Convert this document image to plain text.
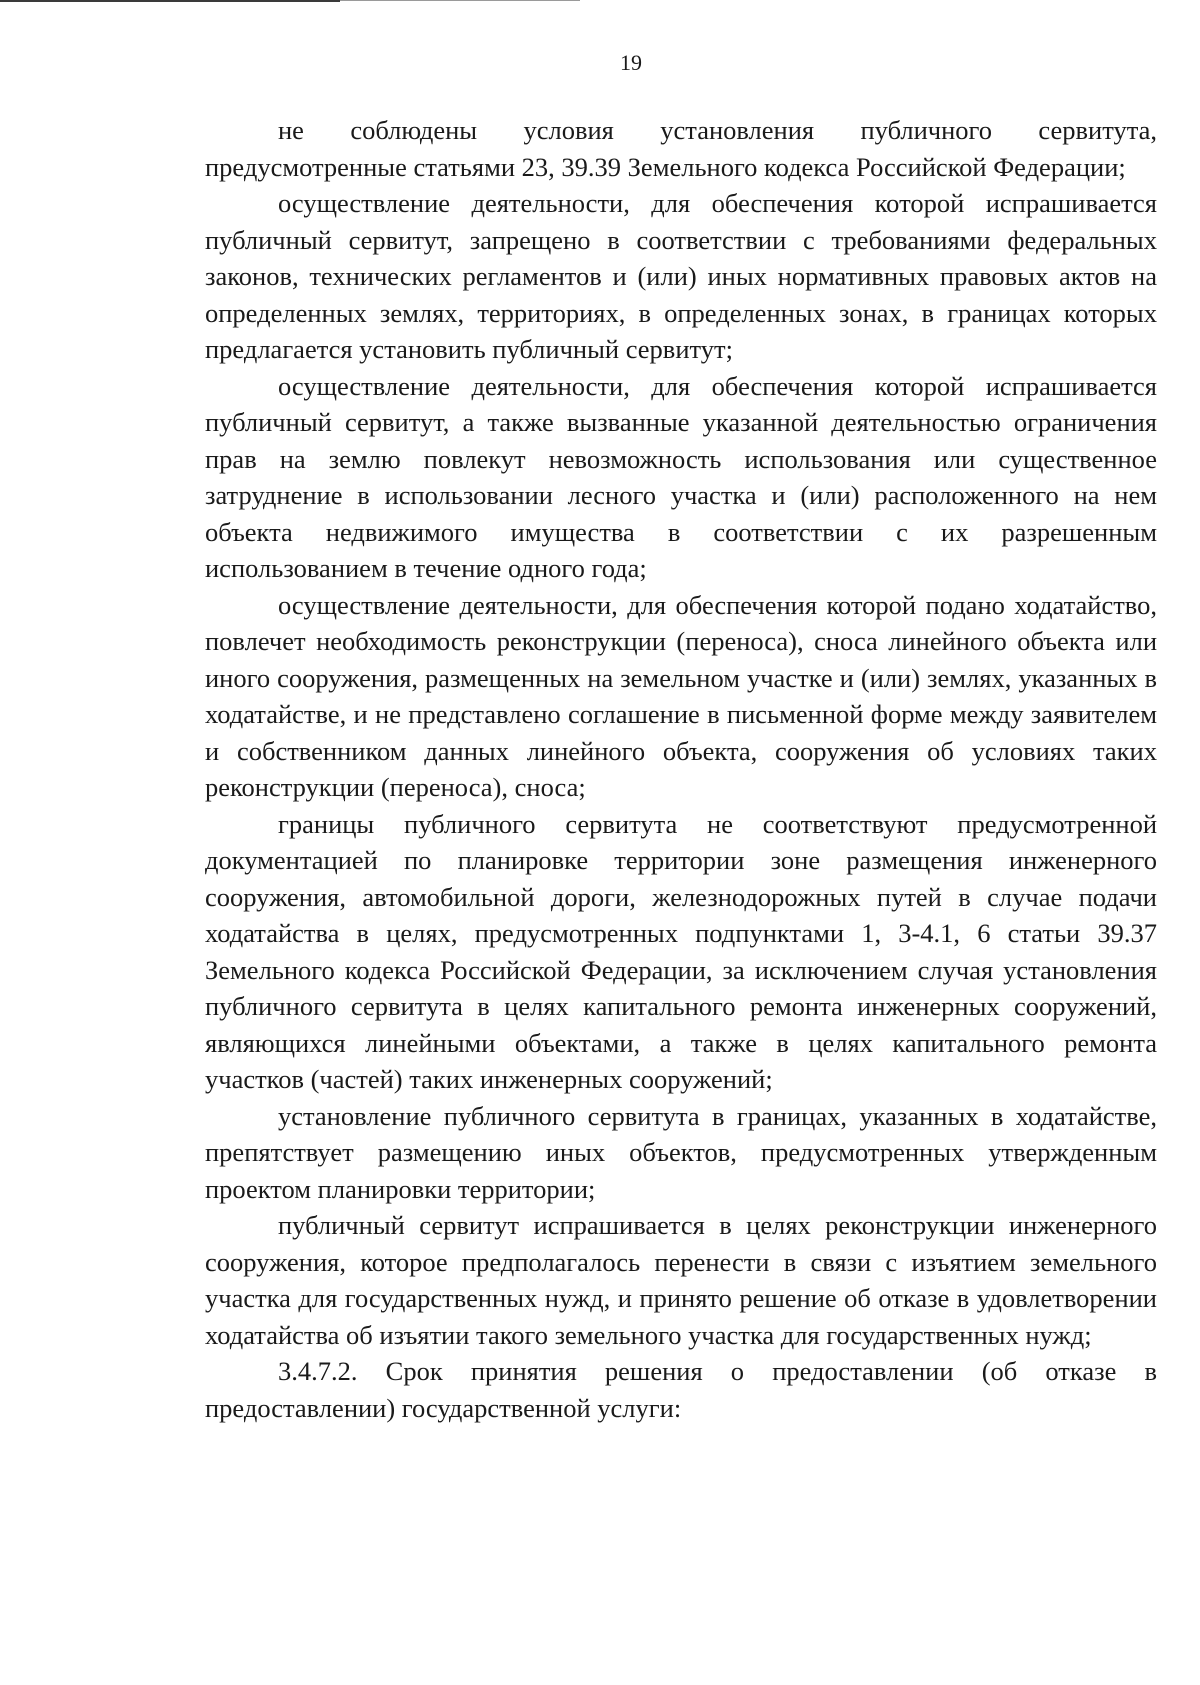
19

не соблюдены условия установления публичного сервитута, предусмотренные статьями 23, 39.39 Земельного кодекса Российской Федерации;

осуществление деятельности, для обеспечения которой испрашивается публичный сервитут, запрещено в соответствии с требованиями федеральных законов, технических регламентов и (или) иных нормативных правовых актов на определенных землях, территориях, в определенных зонах, в границах которых предлагается установить публичный сервитут;

осуществление деятельности, для обеспечения которой испрашивается публичный сервитут, а также вызванные указанной деятельностью ограничения прав на землю повлекут невозможность использования или существенное затруднение в использовании лесного участка и (или) расположенного на нем объекта недвижимого имущества в соответствии с их разрешенным использованием в течение одного года;

осуществление деятельности, для обеспечения которой подано ходатайство, повлечет необходимость реконструкции (переноса), сноса линейного объекта или иного сооружения, размещенных на земельном участке и (или) землях, указанных в ходатайстве, и не представлено соглашение в письменной форме между заявителем и собственником данных линейного объекта, сооружения об условиях таких реконструкции (переноса), сноса;

границы публичного сервитута не соответствуют предусмотренной документацией по планировке территории зоне размещения инженерного сооружения, автомобильной дороги, железнодорожных путей в случае подачи ходатайства в целях, предусмотренных подпунктами 1, 3-4.1, 6 статьи 39.37 Земельного кодекса Российской Федерации, за исключением случая установления публичного сервитута в целях капитального ремонта инженерных сооружений, являющихся линейными объектами, а также в целях капитального ремонта участков (частей) таких инженерных сооружений;

установление публичного сервитута в границах, указанных в ходатайстве, препятствует размещению иных объектов, предусмотренных утвержденным проектом планировки территории;

публичный сервитут испрашивается в целях реконструкции инженерного сооружения, которое предполагалось перенести в связи с изъятием земельного участка для государственных нужд, и принято решение об отказе в удовлетворении ходатайства об изъятии такого земельного участка для государственных нужд;

3.4.7.2. Срок принятия решения о предоставлении (об отказе в предоставлении) государственной услуги:
